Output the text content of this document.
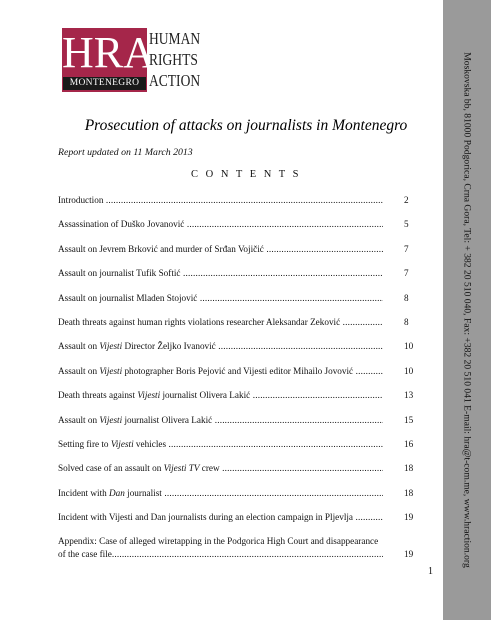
Moskovska bb, 81000 Podgorica, Crna Gora, Tel: + 382 20 510 040, Fax: +382 20 510 041 E-mail: hra@t-com.me, www.hraction.org
HRA
MONTENEGRO
HUMAN
RIGHTS
ACTION
Prosecution of attacks on journalists in Montenegro
Report updated on 11 March 2013
C O N T E N T S
Introduction .....	2
Assassination of Duško Jovanović .....	5
Assault on Jevrem Brković and murder of Srđan Vojičić .....	7
Assault on journalist Tufik Softić .....	7
Assault on journalist Mladen Stojović .....	8
Death threats against human rights violations researcher Aleksandar Zeković .....	8
Assault on Vijesti Director Željko Ivanović .....	10
Assault on Vijesti photographer Boris Pejović and Vijesti editor Mihailo Jovović .....	10
Death threats against Vijesti journalist Olivera Lakić .....	13
Assault on Vijesti journalist Olivera Lakić .....	15
Setting fire to Vijesti vehicles .....	16
Solved case of an assault on Vijesti TV crew .....	18
Incident with Dan journalist .....	18
Incident with Vijesti and Dan journalists during an election campaign in Pljevlja .....	19
Appendix: Case of alleged wiretapping in the Podgorica High Court and disappearance
of the case file .....	19
1
